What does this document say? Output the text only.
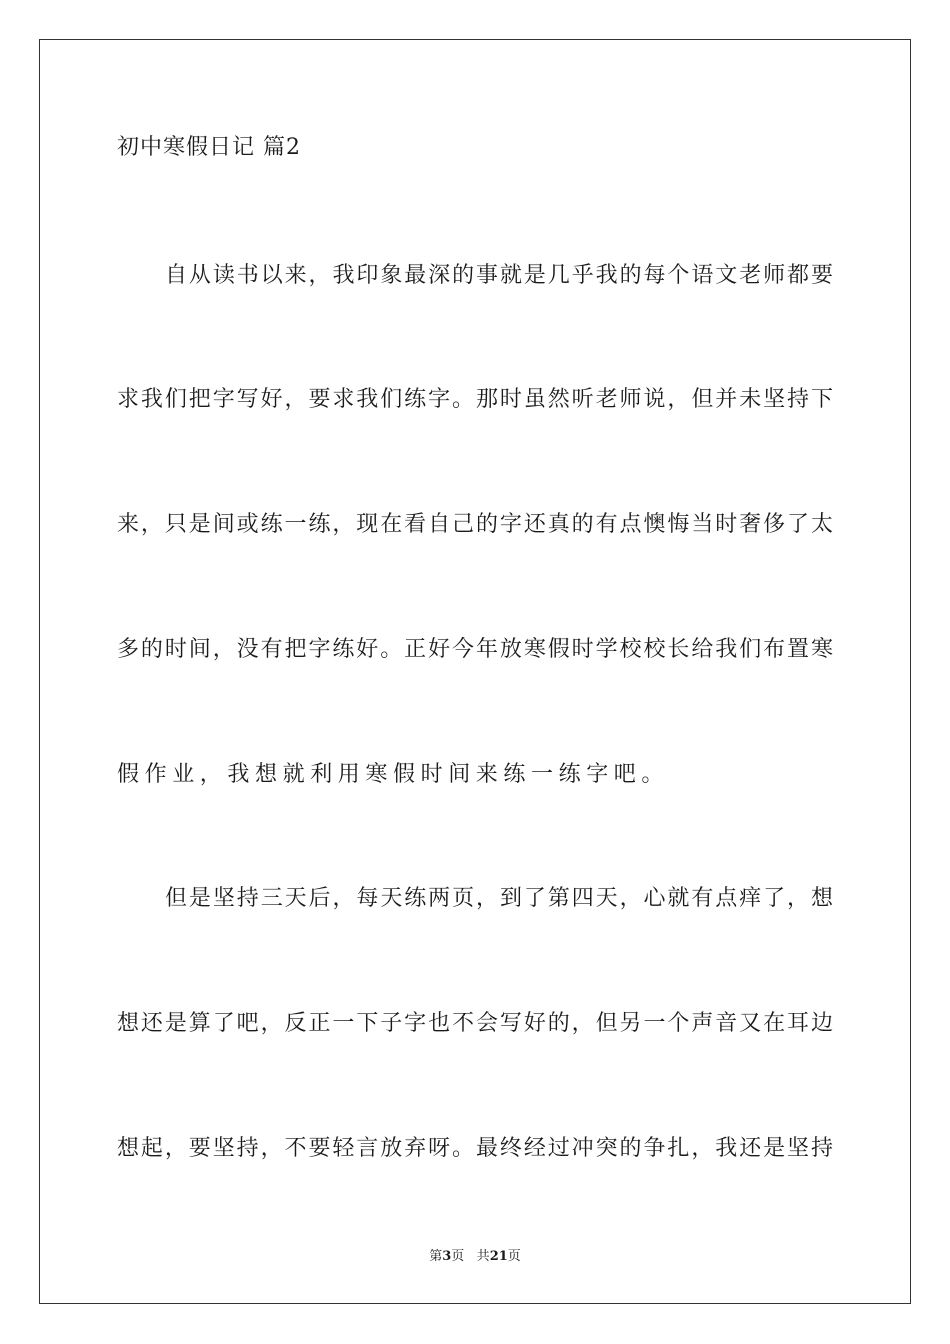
初中寒假日记 篇2
自从读书以来，我印象最深的事就是几乎我的每个语文老师都要
求我们把字写好，要求我们练字。那时虽然听老师说，但并未坚持下
来，只是间或练一练，现在看自己的字还真的有点懊悔当时奢侈了太
多的时间，没有把字练好。正好今年放寒假时学校校长给我们布置寒
假作业，我想就利用寒假时间来练一练字吧。
但是坚持三天后，每天练两页，到了第四天，心就有点痒了，想
想还是算了吧，反正一下子字也不会写好的，但另一个声音又在耳边
想起，要坚持，不要轻言放弃呀。最终经过冲突的争扎，我还是坚持
第3页 共21页
